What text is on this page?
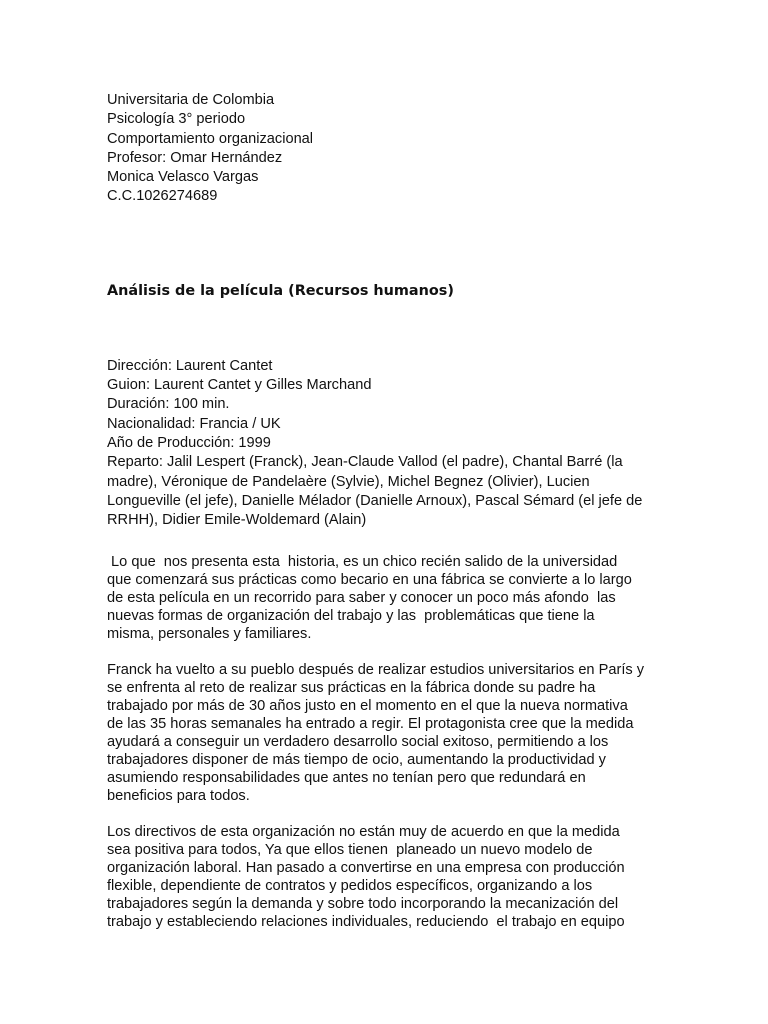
Universitaria de Colombia
Psicología 3° periodo
Comportamiento organizacional
Profesor: Omar Hernández
Monica Velasco Vargas
C.C.1026274689
Análisis de la película (Recursos humanos)
Dirección: Laurent Cantet
Guion: Laurent Cantet y Gilles Marchand
Duración: 100 min.
Nacionalidad: Francia / UK
Año de Producción: 1999
Reparto: Jalil Lespert (Franck), Jean-Claude Vallod (el padre), Chantal Barré (la
madre), Véronique de Pandelaère (Sylvie), Michel Begnez (Olivier), Lucien
Longueville (el jefe), Danielle Mélador (Danielle Arnoux), Pascal Sémard (el jefe de
RRHH), Didier Emile-Woldemard (Alain)

Lo que  nos presenta esta  historia, es un chico recién salido de la universidad
que comenzará sus prácticas como becario en una fábrica se convierte a lo largo
de esta película en un recorrido para saber y conocer un poco más afondo  las
nuevas formas de organización del trabajo y las  problemáticas que tiene la
misma, personales y familiares.

Franck ha vuelto a su pueblo después de realizar estudios universitarios en París y
se enfrenta al reto de realizar sus prácticas en la fábrica donde su padre ha
trabajado por más de 30 años justo en el momento en el que la nueva normativa
de las 35 horas semanales ha entrado a regir. El protagonista cree que la medida
ayudará a conseguir un verdadero desarrollo social exitoso, permitiendo a los
trabajadores disponer de más tiempo de ocio, aumentando la productividad y
asumiendo responsabilidades que antes no tenían pero que redundará en
beneficios para todos.

Los directivos de esta organización no están muy de acuerdo en que la medida
sea positiva para todos, Ya que ellos tienen  planeado un nuevo modelo de
organización laboral. Han pasado a convertirse en una empresa con producción
flexible, dependiente de contratos y pedidos específicos, organizando a los
trabajadores según la demanda y sobre todo incorporando la mecanización del
trabajo y estableciendo relaciones individuales, reduciendo  el trabajo en equipo
